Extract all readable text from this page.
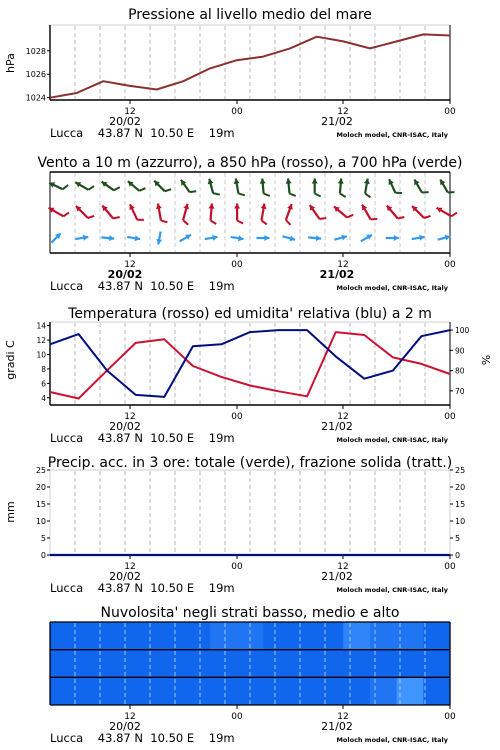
Pressione al livello medio del mare
1024
1026
1028
hPa
12	00	12	00
20/02	21/02
Lucca    43.87 N  10.50 E    19m	Moloch model, CNR-ISAC, Italy
Vento a 10 m (azzurro), a 850 hPa (rosso), a 700 hPa (verde)
12	00	12	00
20/02	21/02
Lucca    43.87 N  10.50 E    19m	Moloch model, CNR-ISAC, Italy
Temperatura (rosso) ed umidita' relativa (blu) a 2 m
4
6
8
10
12
14
70
80
90
100
gradi C	%
12	00	12	00
20/02	21/02
Lucca    43.87 N  10.50 E    19m	Moloch model, CNR-ISAC, Italy
Precip. acc. in 3 ore: totale (verde), frazione solida (tratt.)
0
5
10
15
20
25
0
5
10
15
20
25
mm
12	00	12	00
20/02	21/02
Lucca    43.87 N  10.50 E    19m	Moloch model, CNR-ISAC, Italy
Nuvolosita' negli strati basso, medio e alto
12	00	12	00
20/02	21/02
Lucca    43.87 N  10.50 E    19m	Moloch model, CNR-ISAC, Italy
